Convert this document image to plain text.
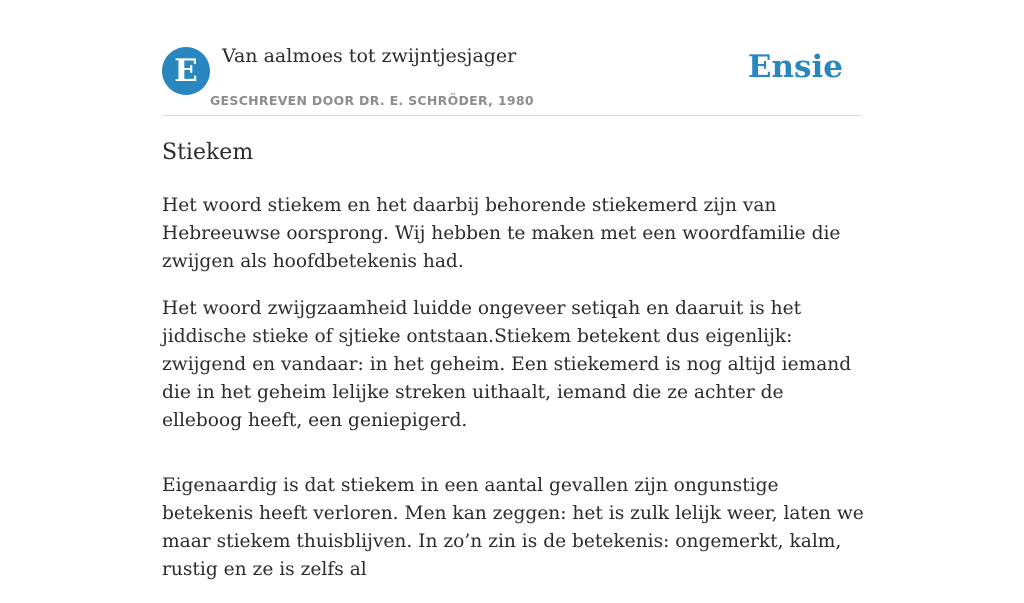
E	Van aalmoes tot zwijntjesjager
GESCHREVEN DOOR DR. E. SCHRÖDER, 1980
Ensie
Stiekem

Het woord stiekem en het daarbij behorende stiekemerd zijn van Hebreeuwse oorsprong. Wij hebben te maken met een woordfamilie die zwijgen als hoofdbetekenis had.

Het woord zwijgzaamheid luidde ongeveer setiqah en daaruit is het jiddische stieke of sjtieke ontstaan.Stiekem betekent dus eigenlijk: zwijgend en vandaar: in het geheim. Een stiekemerd is nog altijd iemand die in het geheim lelijke streken uithaalt, iemand die ze achter de elleboog heeft, een geniepigerd.

Eigenaardig is dat stiekem in een aantal gevallen zijn ongunstige betekenis heeft verloren. Men kan zeggen: het is zulk lelijk weer, laten we maar stiekem thuisblijven. In zo’n zin is de betekenis: ongemerkt, kalm, rustig en ze is zelfs al
